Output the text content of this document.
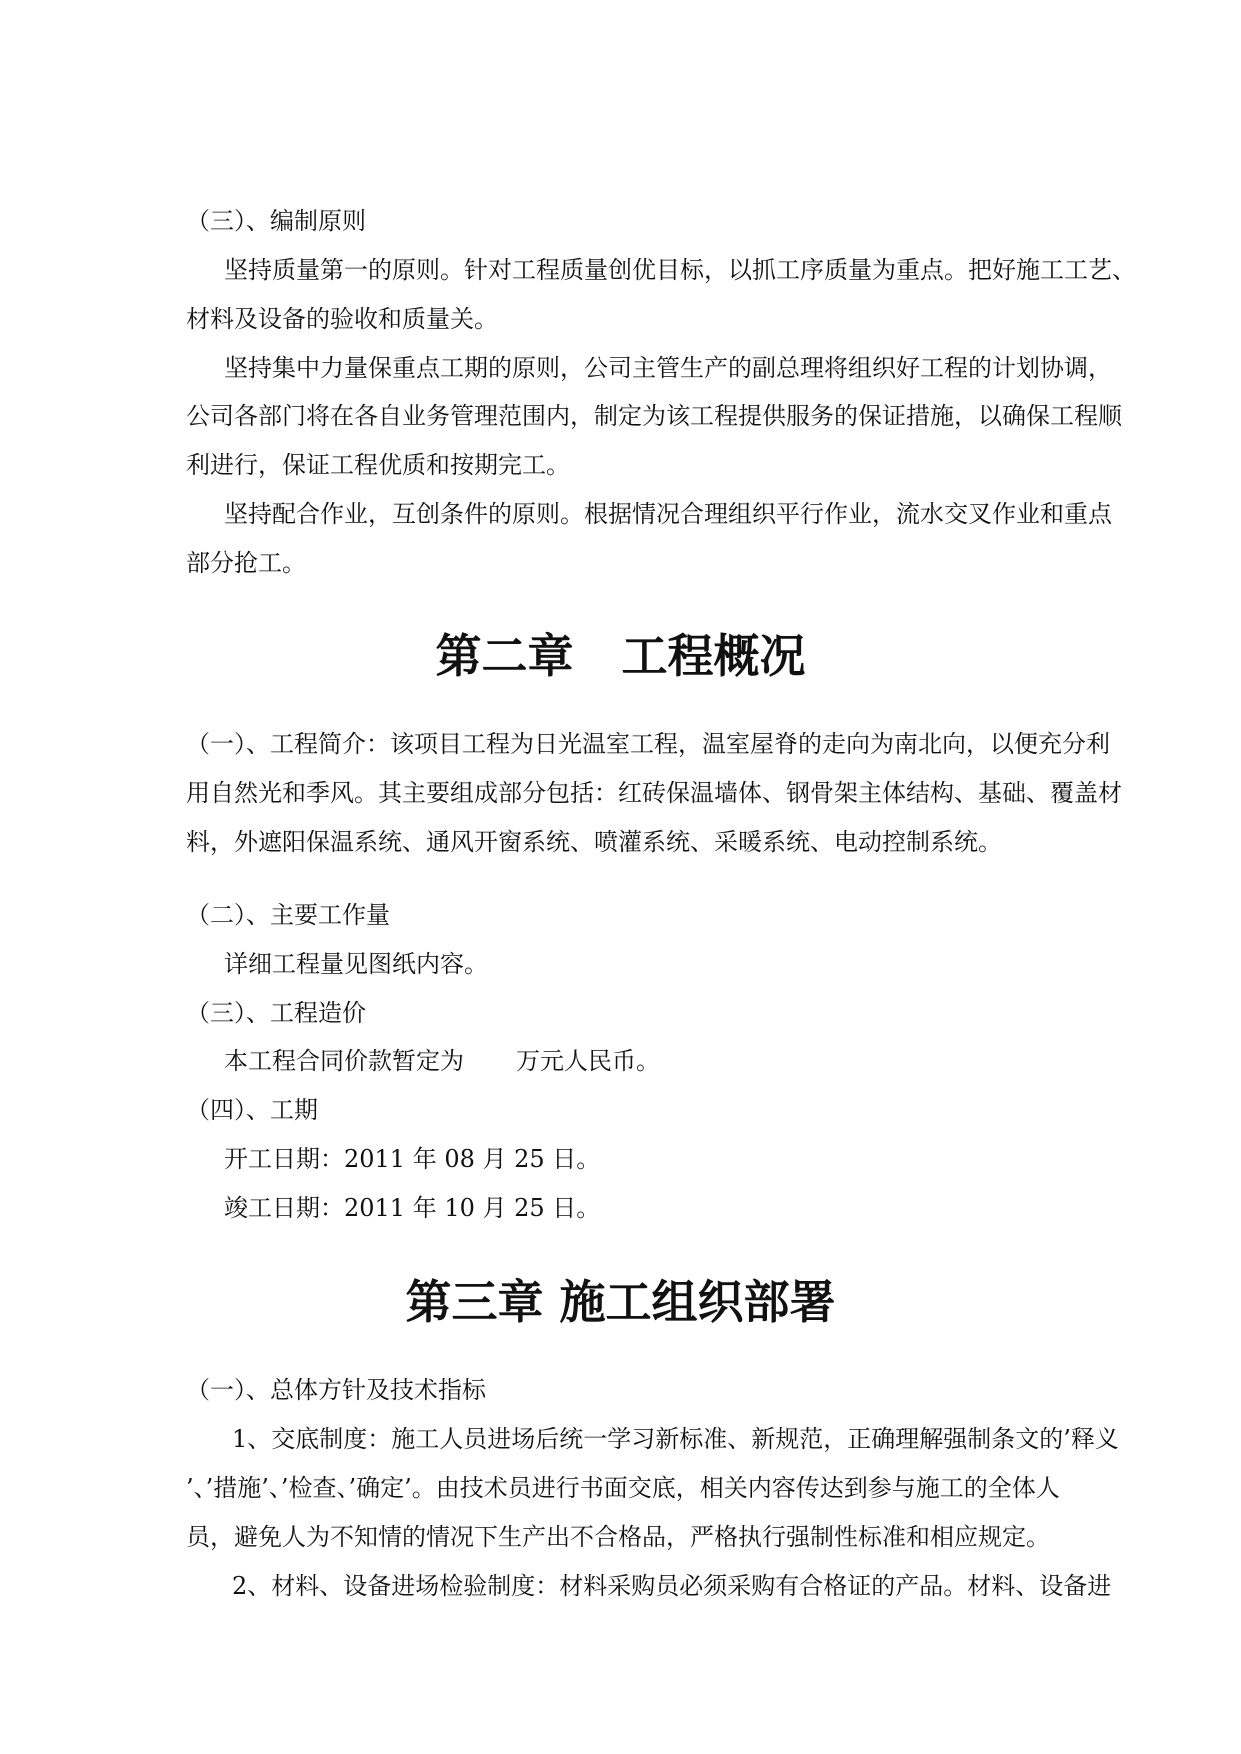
（三）、编制原则
坚持质量第一的原则。针对工程质量创优目标，以抓工序质量为重点。把好施工工艺、
材料及设备的验收和质量关。
坚持集中力量保重点工期的原则，公司主管生产的副总理将组织好工程的计划协调，
公司各部门将在各自业务管理范围内，制定为该工程提供服务的保证措施，以确保工程顺
利进行，保证工程优质和按期完工。
坚持配合作业，互创条件的原则。根据情况合理组织平行作业，流水交叉作业和重点
部分抢工。
第二章 工程概况
（一）、工程简介：该项目工程为日光温室工程，温室屋脊的走向为南北向，以便充分利
用自然光和季风。其主要组成部分包括：红砖保温墙体、钢骨架主体结构、基础、覆盖材
料，外遮阳保温系统、通风开窗系统、喷灌系统、采暖系统、电动控制系统。
（二）、主要工作量
详细工程量见图纸内容。
（三）、工程造价
本工程合同价款暂定为 万元人民币。
（四）、工期
开工日期：2011 年 08 月 25 日。
竣工日期：2011 年 10 月 25 日。
第三章 施工组织部署
（一）、总体方针及技术指标
1、交底制度：施工人员进场后统一学习新标准、新规范，正确理解强制条文的’释义
’、’措施’、’检查、’确定’。由技术员进行书面交底，相关内容传达到参与施工的全体人
员，避免人为不知情的情况下生产出不合格品，严格执行强制性标准和相应规定。
2、材料、设备进场检验制度：材料采购员必须采购有合格证的产品。材料、设备进
